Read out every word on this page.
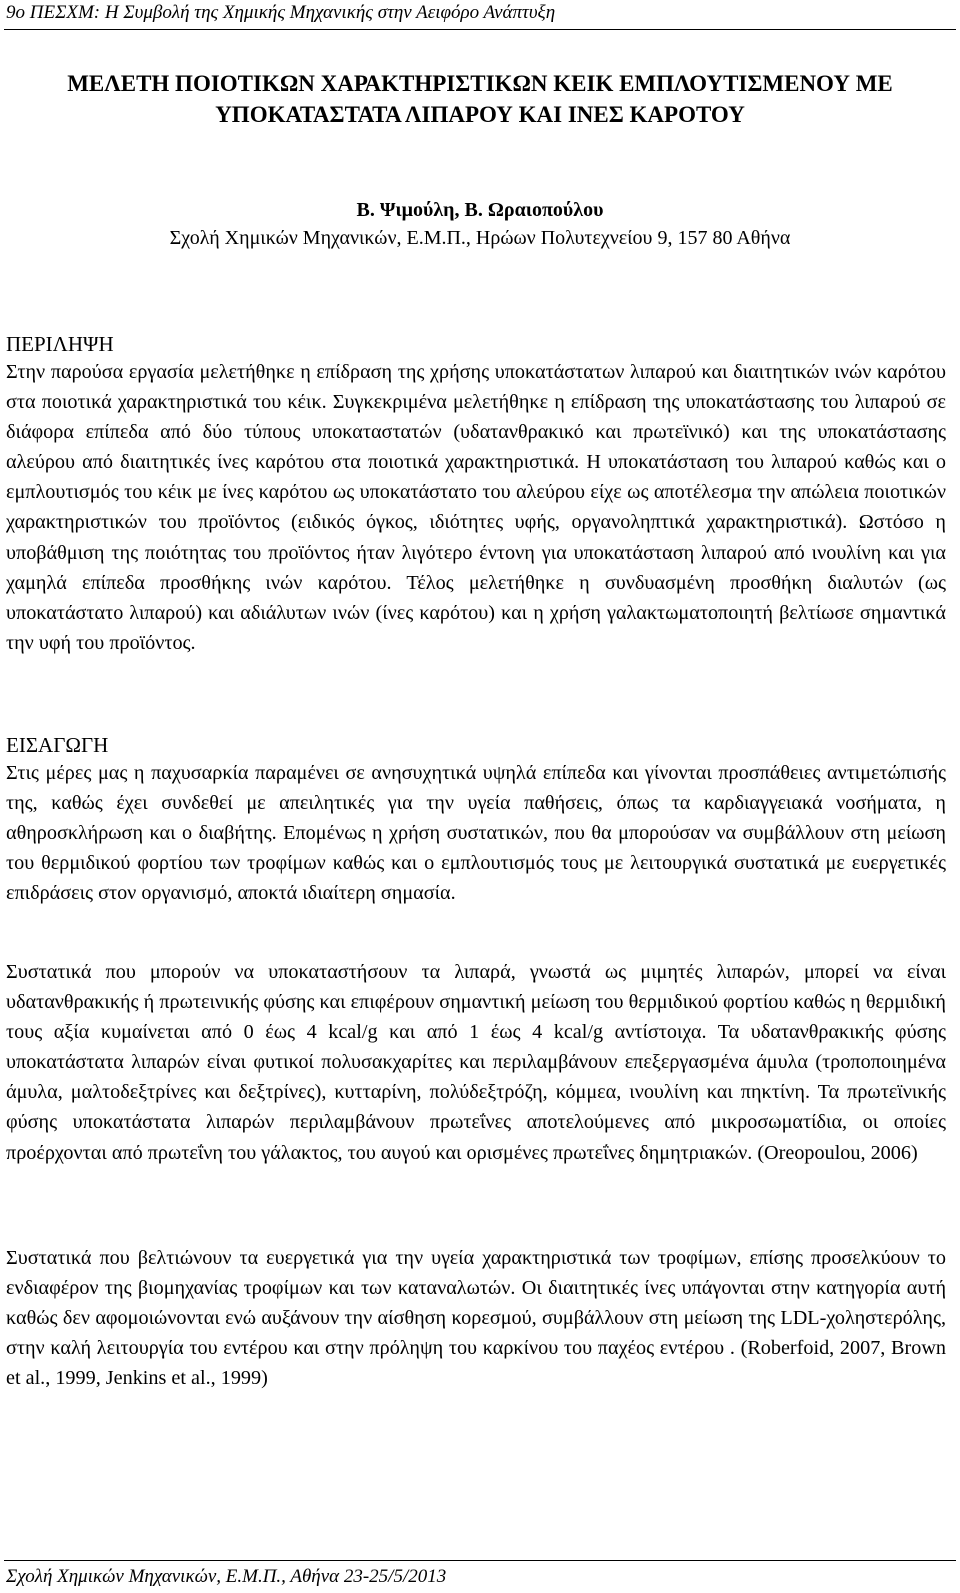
9ο ΠΕΣΧΜ: Η Συμβολή της Χημικής Μηχανικής στην Αειφόρο Ανάπτυξη
ΜΕΛΕΤΗ ΠΟΙΟΤΙΚΩΝ ΧΑΡΑΚΤΗΡΙΣΤΙΚΩΝ ΚΕΙΚ ΕΜΠΛΟΥΤΙΣΜΕΝΟΥ ΜΕ
ΥΠΟΚΑΤΑΣΤΑΤΑ ΛΙΠΑΡΟΥ ΚΑΙ ΙΝΕΣ ΚΑΡΟΤΟΥ
Β. Ψιμούλη, Β. Ωραιοπούλου
Σχολή Χημικών Μηχανικών, Ε.Μ.Π., Ηρώων Πολυτεχνείου 9, 157 80 Αθήνα
ΠΕΡΙΛΗΨΗ

Στην παρούσα εργασία μελετήθηκε η επίδραση της χρήσης υποκατάστατων λιπαρού και διαιτητικών ινών καρότου στα ποιοτικά χαρακτηριστικά του κέικ. Συγκεκριμένα μελετήθηκε η επίδραση της υποκατάστασης του λιπαρού σε διάφορα επίπεδα από δύο τύπους υποκαταστατών (υδατανθρακικό και πρωτεϊνικό) και της υποκατάστασης αλεύρου από διαιτητικές ίνες καρότου στα ποιοτικά χαρακτηριστικά. Η υποκατάσταση του λιπαρού καθώς και ο εμπλουτισμός του κέικ με ίνες καρότου ως υποκατάστατο του αλεύρου είχε ως αποτέλεσμα την απώλεια ποιοτικών χαρακτηριστικών του προϊόντος (ειδικός όγκος, ιδιότητες υφής, οργανοληπτικά χαρακτηριστικά). Ωστόσο η υποβάθμιση της ποιότητας του προϊόντος ήταν λιγότερο έντονη για υποκατάσταση λιπαρού από ινουλίνη και για χαμηλά επίπεδα προσθήκης ινών καρότου. Τέλος μελετήθηκε η συνδυασμένη προσθήκη διαλυτών (ως υποκατάστατο λιπαρού) και αδιάλυτων ινών (ίνες καρότου) και η χρήση γαλακτωματοποιητή βελτίωσε σημαντικά την υφή του προϊόντος.

ΕΙΣΑΓΩΓΗ

Στις μέρες μας η παχυσαρκία παραμένει σε ανησυχητικά υψηλά επίπεδα και γίνονται προσπάθειες αντιμετώπισής της, καθώς έχει συνδεθεί με απειλητικές για την υγεία παθήσεις, όπως τα καρδιαγγειακά νοσήματα, η αθηροσκλήρωση και ο διαβήτης. Επομένως η χρήση συστατικών, που θα μπορούσαν να συμβάλλουν στη μείωση του θερμιδικού φορτίου των τροφίμων καθώς και ο εμπλουτισμός τους με λειτουργικά συστατικά με ευεργετικές επιδράσεις στον οργανισμό, αποκτά ιδιαίτερη σημασία.

Συστατικά που μπορούν να υποκαταστήσουν τα λιπαρά, γνωστά ως μιμητές λιπαρών, μπορεί να είναι υδατανθρακικής ή πρωτεινικής φύσης και επιφέρουν σημαντική μείωση του θερμιδικού φορτίου καθώς η θερμιδική τους αξία κυμαίνεται από 0 έως 4 kcal/g και από 1 έως 4 kcal/g αντίστοιχα. Τα υδατανθρακικής φύσης υποκατάστατα λιπαρών είναι φυτικοί πολυσακχαρίτες και περιλαμβάνουν επεξεργασμένα άμυλα (τροποποιημένα άμυλα, μαλτοδεξτρίνες και δεξτρίνες), κυτταρίνη, πολύδεξτρόζη, κόμμεα, ινουλίνη και πηκτίνη. Τα πρωτεϊνικής φύσης υποκατάστατα λιπαρών περιλαμβάνουν πρωτεΐνες αποτελούμενες από μικροσωματίδια, οι οποίες προέρχονται από πρωτεΐνη του γάλακτος, του αυγού και ορισμένες πρωτεΐνες δημητριακών. (Oreopoulou, 2006)

Συστατικά που βελτιώνουν τα ευεργετικά για την υγεία χαρακτηριστικά των τροφίμων, επίσης προσελκύουν το ενδιαφέρον της βιομηχανίας τροφίμων και των καταναλωτών. Οι διαιτητικές ίνες υπάγονται στην κατηγορία αυτή καθώς δεν αφομοιώνονται ενώ αυξάνουν την αίσθηση κορεσμού, συμβάλλουν στη μείωση της LDL-χοληστερόλης, στην καλή λειτουργία του εντέρου και στην πρόληψη του καρκίνου του παχέος εντέρου . (Roberfoid, 2007, Brown et al., 1999, Jenkins et al., 1999)

Σχολή Χημικών Μηχανικών, Ε.Μ.Π., Αθήνα 23-25/5/2013
